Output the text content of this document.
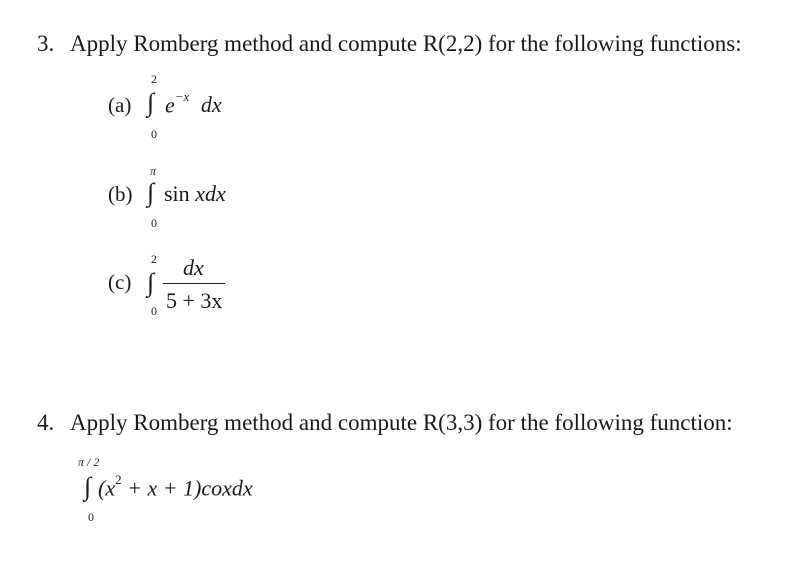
3. Apply Romberg method and compute R(2,2) for the following functions:
(a)
2
∫
0
$e^{-x}$ dx
(b)
π
∫
0
sin xdx
(c)
2
∫
0
dx
5 + 3x
4. Apply Romberg method and compute R(3,3) for the following function:
π / 2
∫
0
($x^2 + x$ + 1)coxdx
